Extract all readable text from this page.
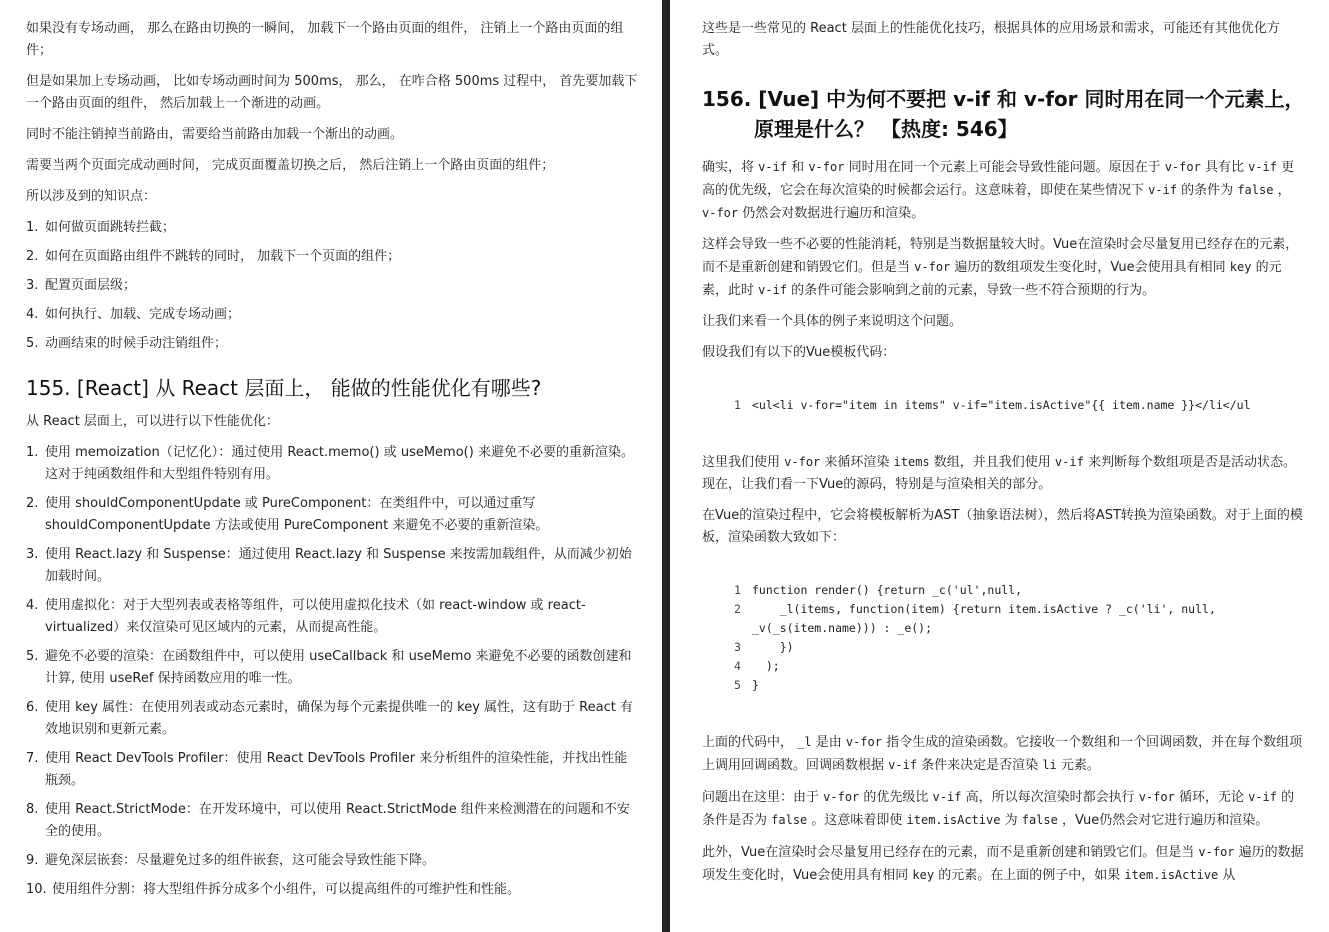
如果没有专场动画， 那么在路由切换的一瞬间， 加载下一个路由页面的组件， 注销上一个路由页面的组件；

但是如果加上专场动画， 比如专场动画时间为 500ms， 那么， 在咋合格 500ms 过程中， 首先要加载下一个路由页面的组件， 然后加载上一个渐进的动画。

同时不能注销掉当前路由，需要给当前路由加载一个渐出的动画。

需要当两个页面完成动画时间， 完成页面覆盖切换之后， 然后注销上一个路由页面的组件；

所以涉及到的知识点：

1. 如何做页面跳转拦截；
2. 如何在页面路由组件不跳转的同时， 加载下一个页面的组件；
3. 配置页面层级；
4. 如何执行、加载、完成专场动画；
5. 动画结束的时候手动注销组件；
155. [React] 从 React 层面上， 能做的性能优化有哪些?

从 React 层面上，可以进行以下性能优化：

1. 使用 memoization（记忆化）：通过使用 React.memo() 或 useMemo() 来避免不必要的重新渲染。这对于纯函数组件和大型组件特别有用。
2. 使用 shouldComponentUpdate 或 PureComponent：在类组件中，可以通过重写 shouldComponentUpdate 方法或使用 PureComponent 来避免不必要的重新渲染。
3. 使用 React.lazy 和 Suspense：通过使用 React.lazy 和 Suspense 来按需加载组件，从而减少初始加载时间。
4. 使用虚拟化：对于大型列表或表格等组件，可以使用虚拟化技术（如 react-window 或 react-virtualized）来仅渲染可见区域内的元素，从而提高性能。
5. 避免不必要的渲染：在函数组件中，可以使用 useCallback 和 useMemo 来避免不必要的函数创建和计算, 使用 useRef 保持函数应用的唯一性。
6. 使用 key 属性：在使用列表或动态元素时，确保为每个元素提供唯一的 key 属性，这有助于 React 有效地识别和更新元素。
7. 使用 React DevTools Profiler：使用 React DevTools Profiler 来分析组件的渲染性能，并找出性能瓶颈。
8. 使用 React.StrictMode：在开发环境中，可以使用 React.StrictMode 组件来检测潜在的问题和不安全的使用。
9. 避免深层嵌套：尽量避免过多的组件嵌套，这可能会导致性能下降。
10. 使用组件分割：将大型组件拆分成多个小组件，可以提高组件的可维护性和性能。

这些是一些常见的 React 层面上的性能优化技巧，根据具体的应用场景和需求，可能还有其他优化方式。

156. [Vue] 中为何不要把 v-if 和 v-for 同时用在同一个元素上， 原理是什么？ 【热度: 546】

确实，将 v-if 和 v-for 同时用在同一个元素上可能会导致性能问题。原因在于 v-for 具有比 v-if 更高的优先级，它会在每次渲染的时候都会运行。这意味着，即使在某些情况下 v-if 的条件为 false ， v-for 仍然会对数据进行遍历和渲染。

这样会导致一些不必要的性能消耗，特别是当数据量较大时。Vue在渲染时会尽量复用已经存在的元素，而不是重新创建和销毁它们。但是当 v-for 遍历的数组项发生变化时，Vue会使用具有相同 key 的元素，此时 v-if 的条件可能会影响到之前的元素，导致一些不符合预期的行为。

让我们来看一个具体的例子来说明这个问题。

假设我们有以下的Vue模板代码：

1 <ul<li v-for="item in items" v-if="item.isActive"{{ item.name }}</li</ul

这里我们使用 v-for 来循环渲染 items 数组，并且我们使用 v-if 来判断每个数组项是否是活动状态。现在，让我们看一下Vue的源码，特别是与渲染相关的部分。

在Vue的渲染过程中，它会将模板解析为AST（抽象语法树），然后将AST转换为渲染函数。对于上面的模板，渲染函数大致如下：

1 function render() {return _c('ul',null,
2 _l(items, function(item) {return item.isActive ? _c('li', null,
_v(_s(item.name))) : _e();
3 })
4 );
5 }

上面的代码中， _l 是由 v-for 指令生成的渲染函数。它接收一个数组和一个回调函数，并在每个数组项上调用回调函数。回调函数根据 v-if 条件来决定是否渲染 li 元素。

问题出在这里：由于 v-for 的优先级比 v-if 高，所以每次渲染时都会执行 v-for 循环，无论 v-if 的条件是否为 false 。这意味着即使 item.isActive 为 false ，Vue仍然会对它进行遍历和渲染。

此外，Vue在渲染时会尽量复用已经存在的元素，而不是重新创建和销毁它们。但是当 v-for 遍历的数据项发生变化时，Vue会使用具有相同 key 的元素。在上面的例子中，如果 item.isActive 从
